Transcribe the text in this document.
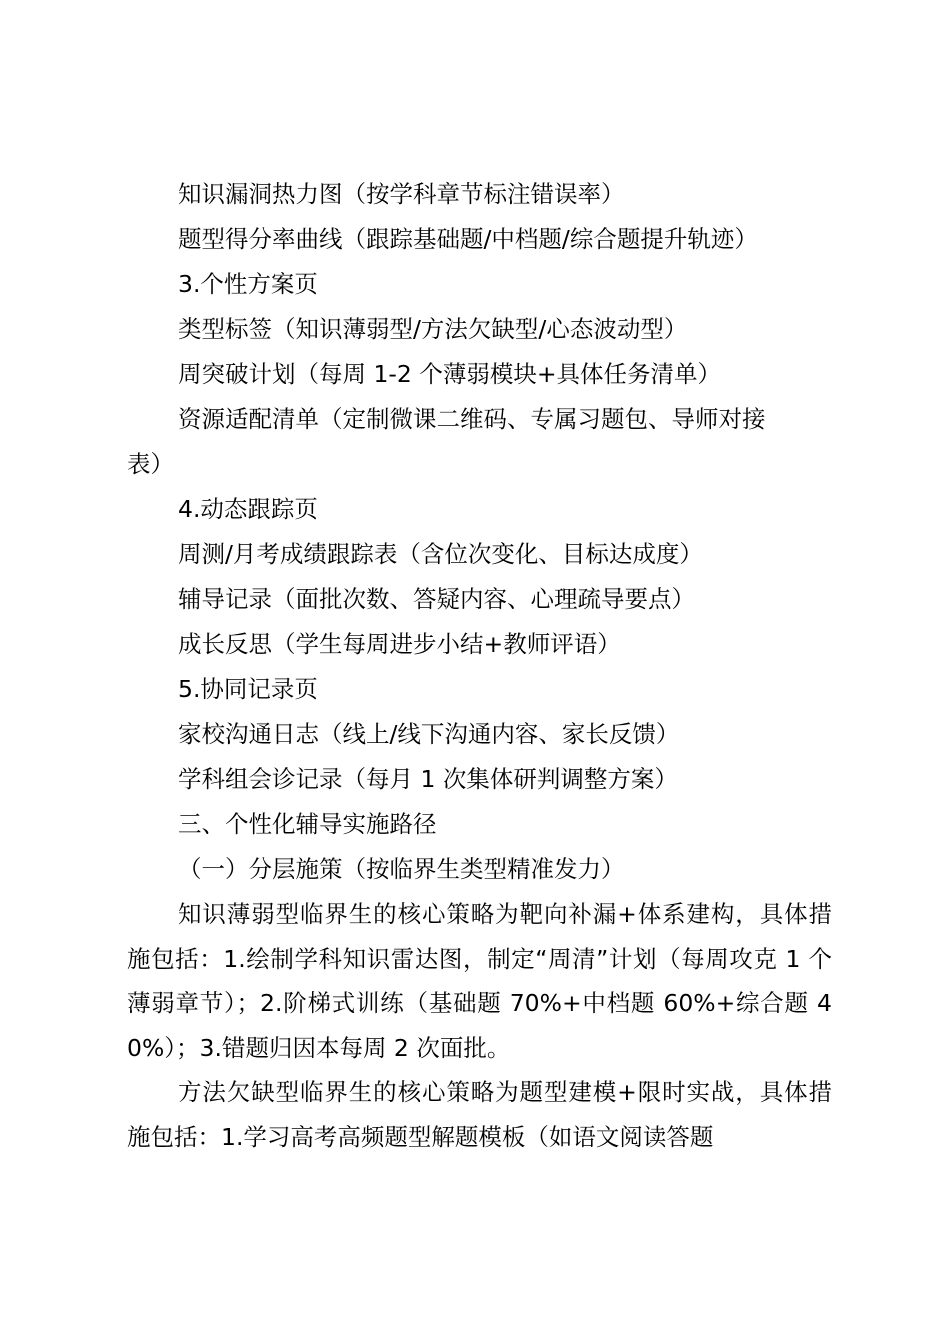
知识漏洞热力图（按学科章节标注错误率）
题型得分率曲线（跟踪基础题/中档题/综合题提升轨迹）
3.个性方案页
类型标签（知识薄弱型/方法欠缺型/心态波动型）
周突破计划（每周 1-2 个薄弱模块+具体任务清单）
资源适配清单（定制微课二维码、专属习题包、导师对接
表）
4.动态跟踪页
周测/月考成绩跟踪表（含位次变化、目标达成度）
辅导记录（面批次数、答疑内容、心理疏导要点）
成长反思（学生每周进步小结+教师评语）
5.协同记录页
家校沟通日志（线上/线下沟通内容、家长反馈）
学科组会诊记录（每月 1 次集体研判调整方案）
三、个性化辅导实施路径
（一）分层施策（按临界生类型精准发力）

知识薄弱型临界生的核心策略为靶向补漏+体系建构，具体措施包括：1.绘制学科知识雷达图，制定“周清”计划（每周攻克 1 个薄弱章节）；2.阶梯式训练（基础题 70%+中档题 60%+综合题 40%）；3.错题归因本每周 2 次面批。

方法欠缺型临界生的核心策略为题型建模+限时实战，具体措施包括：1.学习高考高频题型解题模板（如语文阅读答题
